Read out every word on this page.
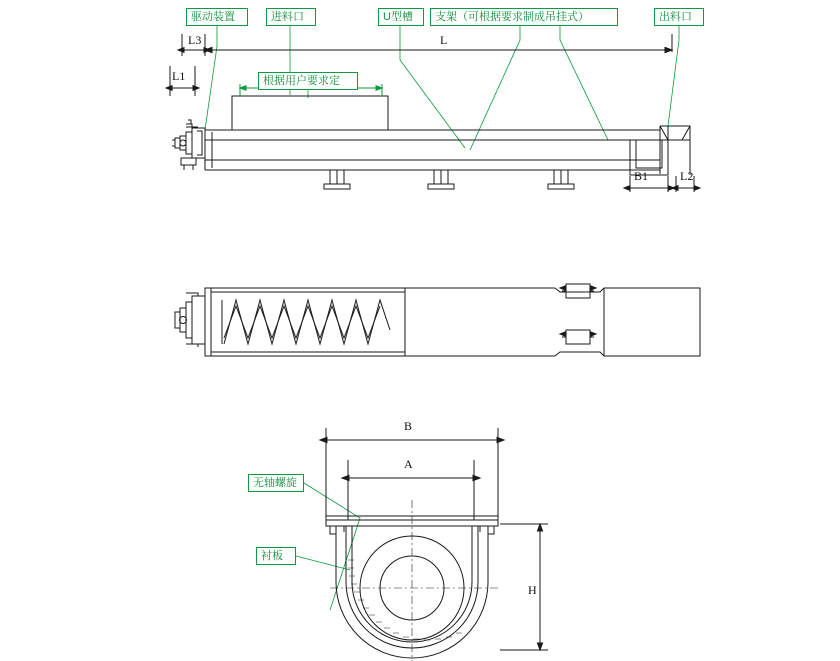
驱动装置	进料口	U型槽	支架（可根据要求制成吊挂式）	出料口
根据用户要求定
无轴螺旋
衬板
L3
L1
L
B1	L2
B
A
H
